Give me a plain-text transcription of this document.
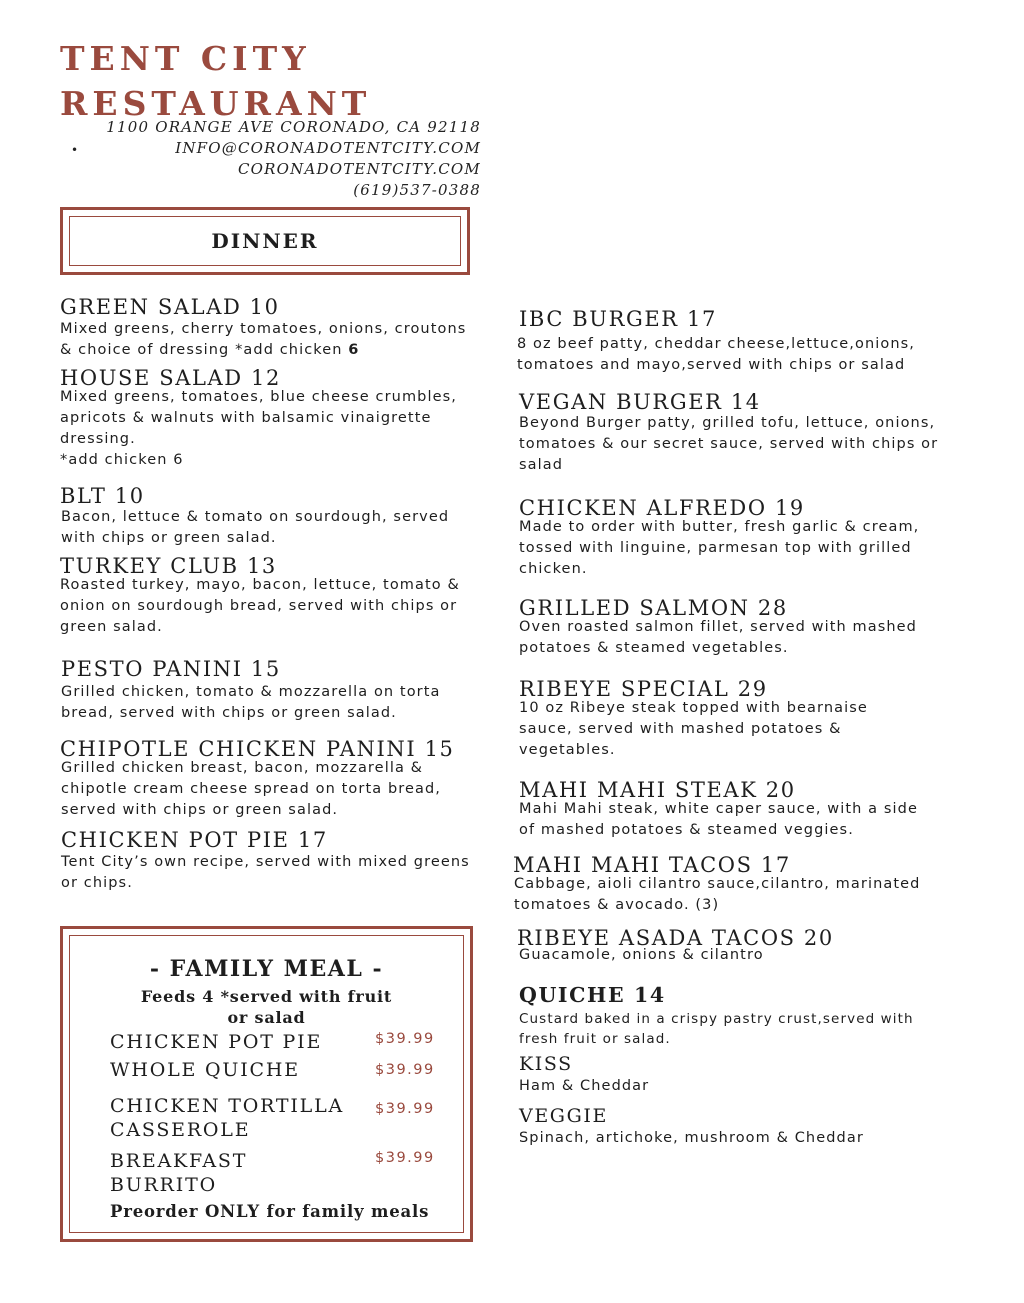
TENT CITY
RESTAURANT
1100 ORANGE AVE CORONADO, CA 92118
•	INFO@CORONADOTENTCITY.COM
CORONADOTENTCITY.COM
(619)537-0388
DINNER
GREEN SALAD 10
Mixed greens, cherry tomatoes, onions, croutons
& choice of dressing *add chicken 6
HOUSE SALAD 12
Mixed greens, tomatoes, blue cheese crumbles,
apricots & walnuts with balsamic vinaigrette
dressing.
*add chicken 6
BLT 10
Bacon, lettuce & tomato on sourdough, served
with chips or green salad.
TURKEY CLUB 13
Roasted turkey, mayo, bacon, lettuce, tomato &
onion on sourdough bread, served with chips or
green salad.
PESTO PANINI 15
Grilled chicken, tomato & mozzarella on torta
bread, served with chips or green salad.
CHIPOTLE CHICKEN PANINI 15
Grilled chicken breast, bacon, mozzarella &
chipotle cream cheese spread on torta bread,
served with chips or green salad.
CHICKEN POT PIE 17
Tent City’s own recipe, served with mixed greens
or chips.
IBC BURGER 17
8 oz beef patty, cheddar cheese,lettuce,onions,
tomatoes and mayo,served with chips or salad
VEGAN BURGER 14
Beyond Burger patty, grilled tofu, lettuce, onions,
tomatoes & our secret sauce, served with chips or
salad
CHICKEN ALFREDO 19
Made to order with butter, fresh garlic & cream,
tossed with linguine, parmesan top with grilled
chicken.
GRILLED SALMON 28
Oven roasted salmon fillet, served with mashed
potatoes & steamed vegetables.
RIBEYE SPECIAL 29
10 oz Ribeye steak topped with bearnaise
sauce, served with mashed potatoes &
vegetables.
MAHI MAHI STEAK 20
Mahi Mahi steak, white caper sauce, with a side
of mashed potatoes & steamed veggies.
MAHI MAHI TACOS 17
Cabbage, aioli cilantro sauce,cilantro, marinated
tomatoes & avocado. (3)
RIBEYE ASADA TACOS 20
Guacamole, onions & cilantro
QUICHE 14
Custard baked in a crispy pastry crust,served with
fresh fruit or salad.
KISS
Ham & Cheddar
VEGGIE
Spinach, artichoke, mushroom & Cheddar
- FAMILY MEAL -
Feeds 4 *served with fruit or salad
CHICKEN POT PIE	$39.99
WHOLE QUICHE	$39.99
CHICKEN TORTILLA CASSEROLE
$39.99
BREAKFAST BURRITO
$39.99
Preorder ONLY for family meals
